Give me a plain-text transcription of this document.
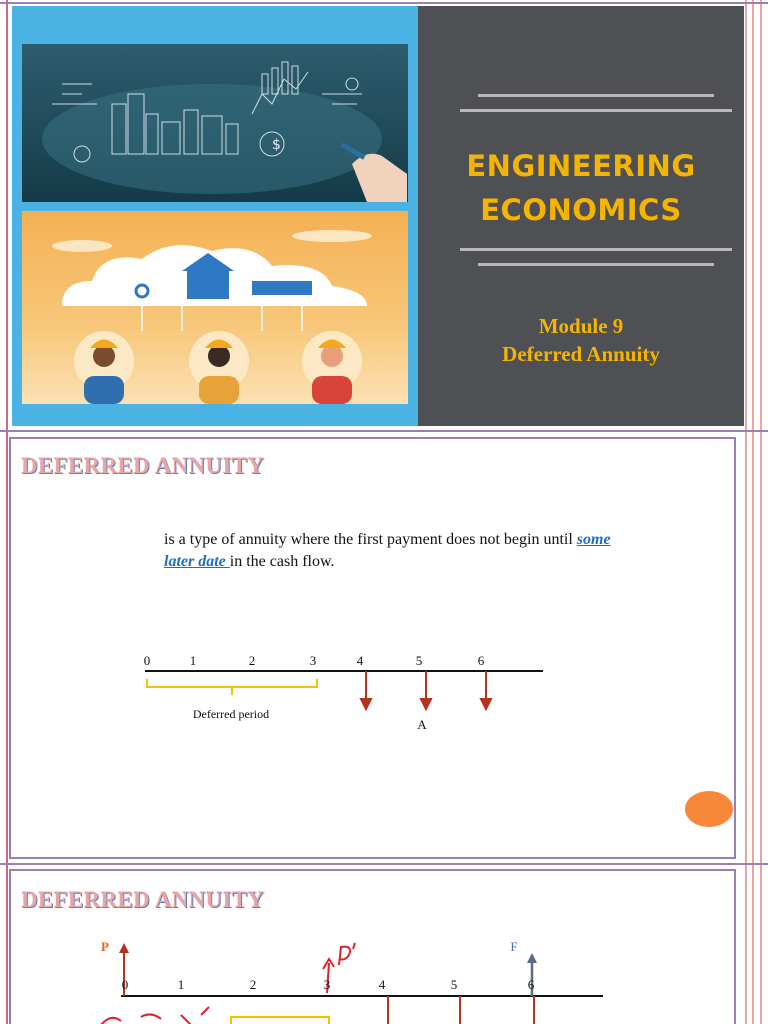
$
ENGINEERING
ECONOMICS
Module 9
Deferred Annuity
DEFERRED ANNUITY
is a type of annuity where the first payment does not begin until some later date in the cash flow.
0	1	2	3	4	5	6
Deferred period
A
DEFERRED ANNUITY
P	F
0	1	2	3	4	5	6
